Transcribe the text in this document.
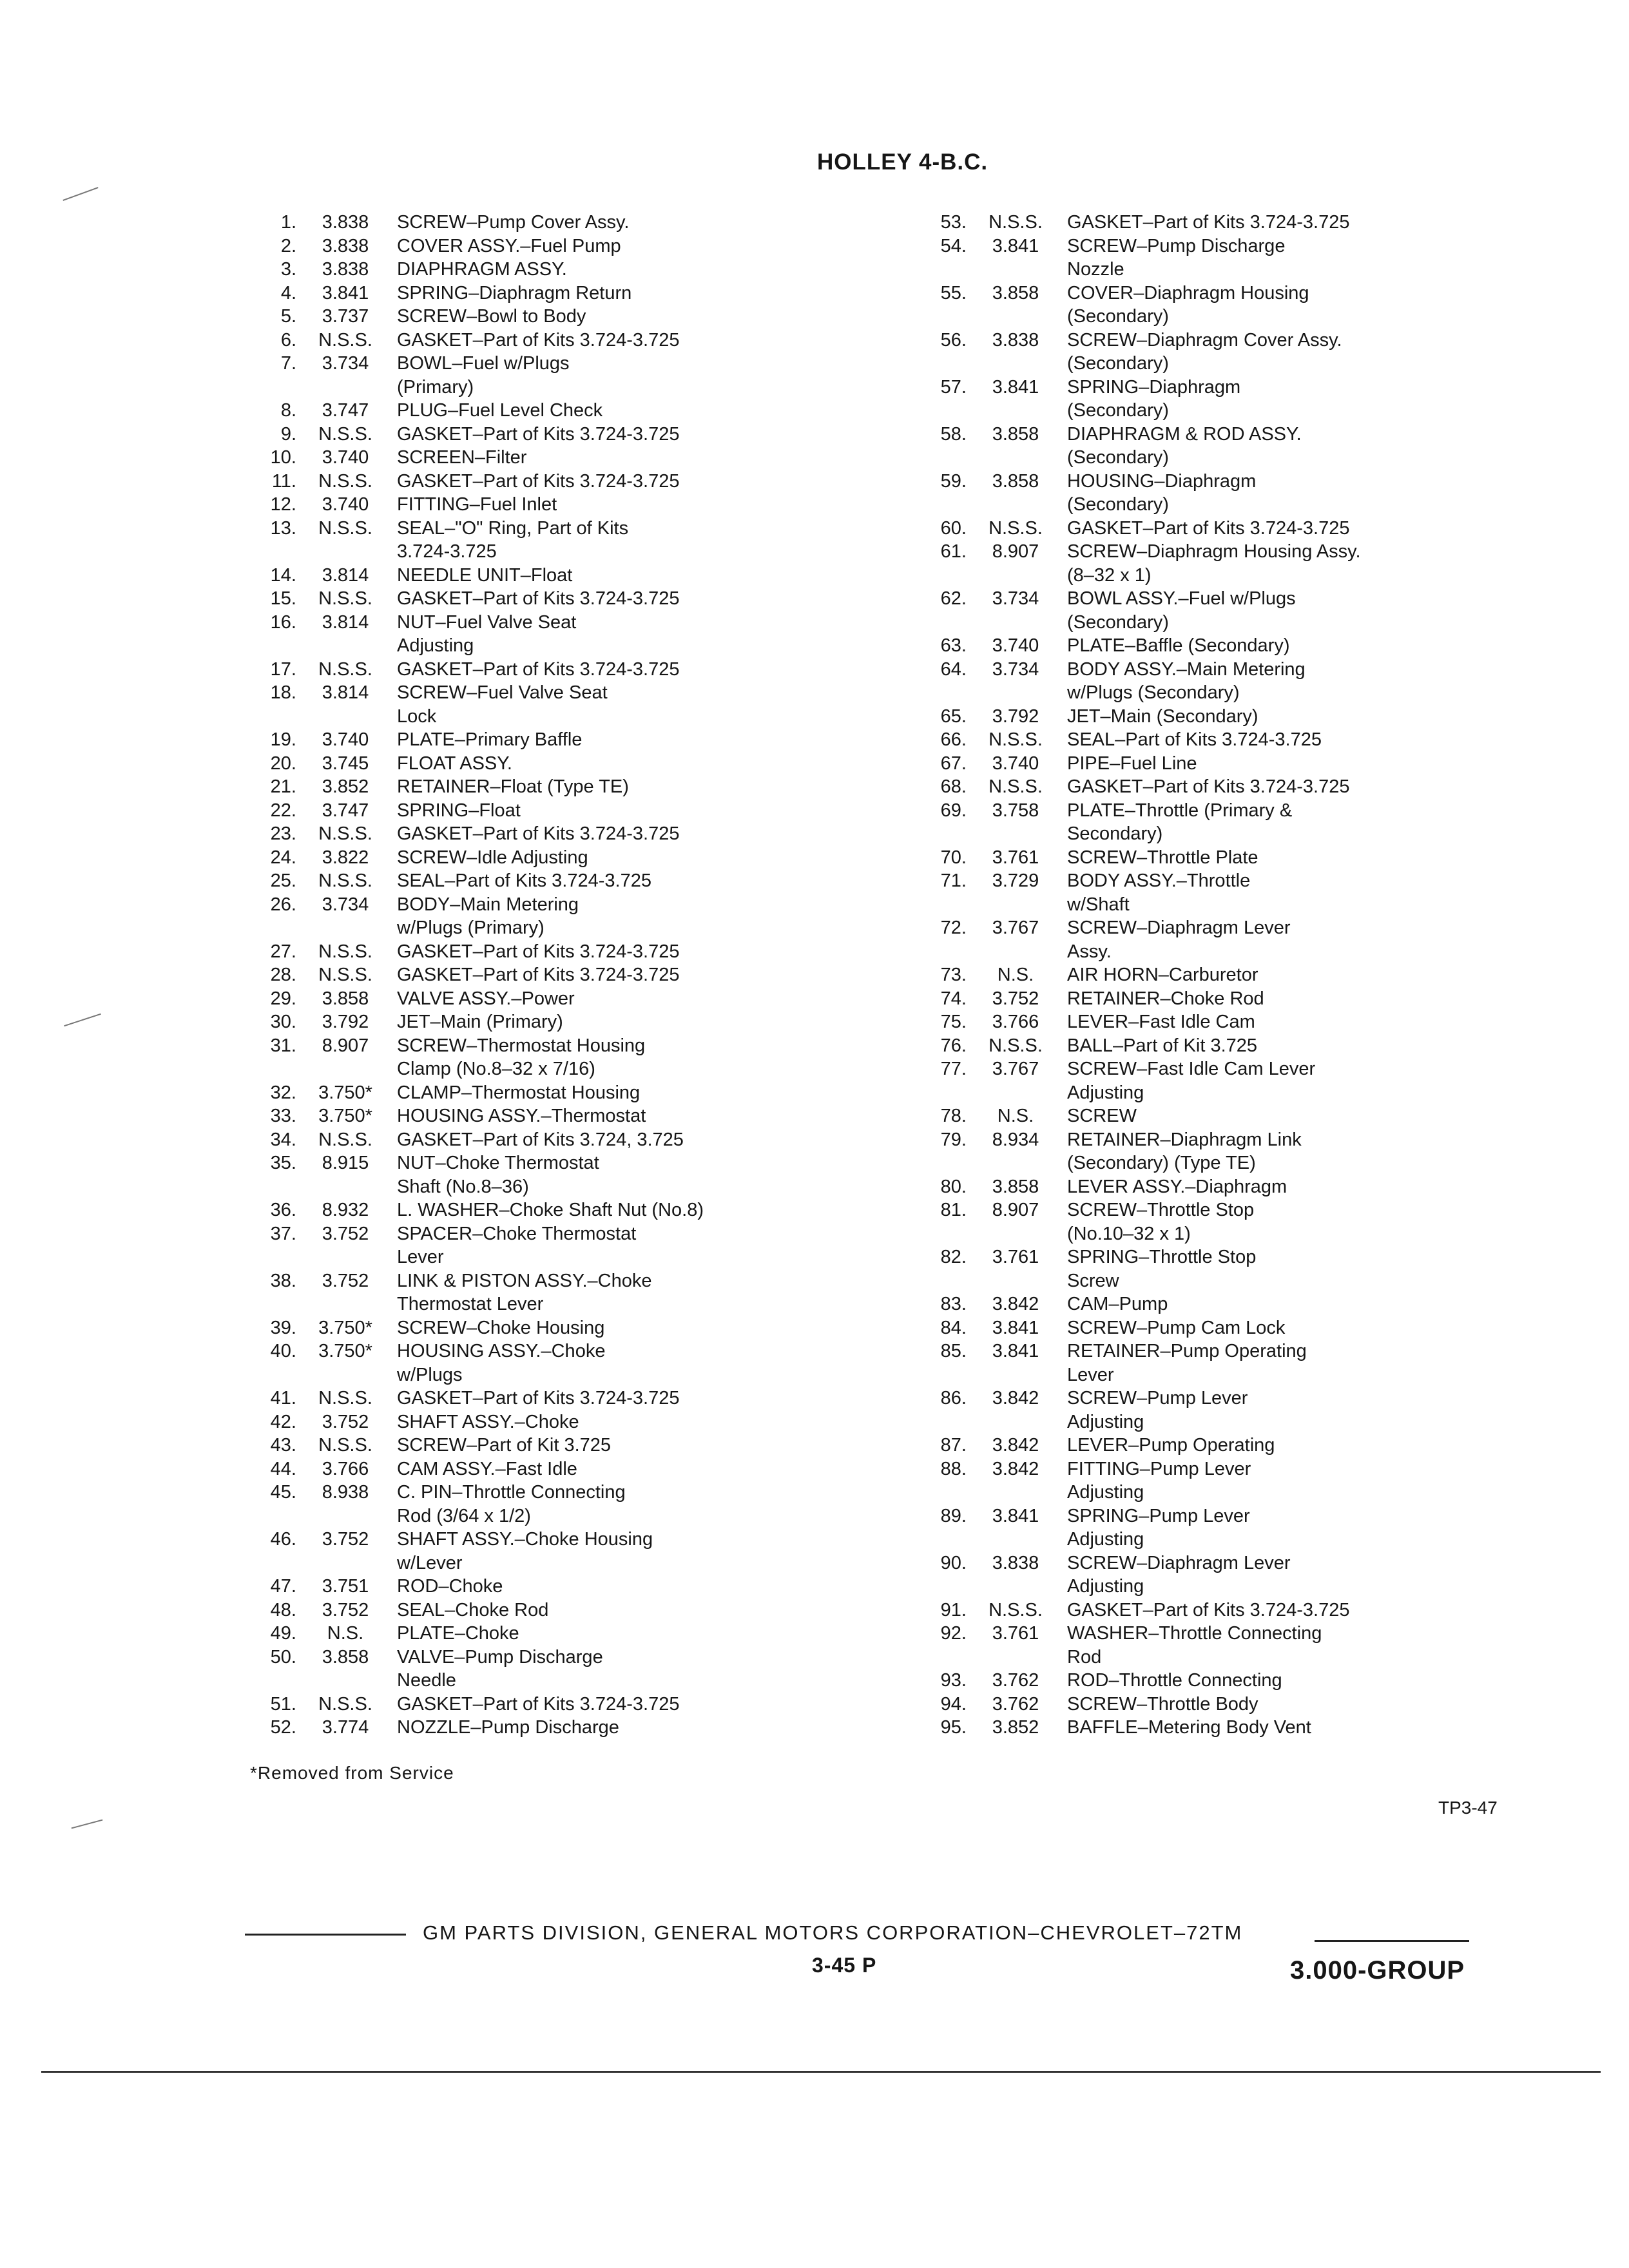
HOLLEY 4-B.C.
1.	3.838	SCREW–Pump Cover Assy.
2.	3.838	COVER ASSY.–Fuel Pump
3.	3.838	DIAPHRAGM ASSY.
4.	3.841	SPRING–Diaphragm Return
5.	3.737	SCREW–Bowl to Body
6.	N.S.S.	GASKET–Part of Kits 3.724-3.725
7.	3.734	BOWL–Fuel w/Plugs
(Primary)
8.	3.747	PLUG–Fuel Level Check
9.	N.S.S.	GASKET–Part of Kits 3.724-3.725
10.	3.740	SCREEN–Filter
11.	N.S.S.	GASKET–Part of Kits 3.724-3.725
12.	3.740	FITTING–Fuel Inlet
13.	N.S.S.	SEAL–"O" Ring, Part of Kits
3.724-3.725
14.	3.814	NEEDLE UNIT–Float
15.	N.S.S.	GASKET–Part of Kits 3.724-3.725
16.	3.814	NUT–Fuel Valve Seat
Adjusting
17.	N.S.S.	GASKET–Part of Kits 3.724-3.725
18.	3.814	SCREW–Fuel Valve Seat
Lock
19.	3.740	PLATE–Primary Baffle
20.	3.745	FLOAT ASSY.
21.	3.852	RETAINER–Float (Type TE)
22.	3.747	SPRING–Float
23.	N.S.S.	GASKET–Part of Kits 3.724-3.725
24.	3.822	SCREW–Idle Adjusting
25.	N.S.S.	SEAL–Part of Kits 3.724-3.725
26.	3.734	BODY–Main Metering
w/Plugs (Primary)
27.	N.S.S.	GASKET–Part of Kits 3.724-3.725
28.	N.S.S.	GASKET–Part of Kits 3.724-3.725
29.	3.858	VALVE ASSY.–Power
30.	3.792	JET–Main (Primary)
31.	8.907	SCREW–Thermostat Housing
Clamp (No.8–32 x 7/16)
32.	3.750*	CLAMP–Thermostat Housing
33.	3.750*	HOUSING ASSY.–Thermostat
34.	N.S.S.	GASKET–Part of Kits 3.724, 3.725
35.	8.915	NUT–Choke Thermostat
Shaft (No.8–36)
36.	8.932	L. WASHER–Choke Shaft Nut (No.8)
37.	3.752	SPACER–Choke Thermostat
Lever
38.	3.752	LINK & PISTON ASSY.–Choke
Thermostat Lever
39.	3.750*	SCREW–Choke Housing
40.	3.750*	HOUSING ASSY.–Choke
w/Plugs
41.	N.S.S.	GASKET–Part of Kits 3.724-3.725
42.	3.752	SHAFT ASSY.–Choke
43.	N.S.S.	SCREW–Part of Kit 3.725
44.	3.766	CAM ASSY.–Fast Idle
45.	8.938	C. PIN–Throttle Connecting
Rod (3/64 x 1/2)
46.	3.752	SHAFT ASSY.–Choke Housing
w/Lever
47.	3.751	ROD–Choke
48.	3.752	SEAL–Choke Rod
49.	N.S.	PLATE–Choke
50.	3.858	VALVE–Pump Discharge
Needle
51.	N.S.S.	GASKET–Part of Kits 3.724-3.725
52.	3.774	NOZZLE–Pump Discharge
53.	N.S.S.	GASKET–Part of Kits 3.724-3.725
54.	3.841	SCREW–Pump Discharge
Nozzle
55.	3.858	COVER–Diaphragm Housing
(Secondary)
56.	3.838	SCREW–Diaphragm Cover Assy.
(Secondary)
57.	3.841	SPRING–Diaphragm
(Secondary)
58.	3.858	DIAPHRAGM & ROD ASSY.
(Secondary)
59.	3.858	HOUSING–Diaphragm
(Secondary)
60.	N.S.S.	GASKET–Part of Kits 3.724-3.725
61.	8.907	SCREW–Diaphragm Housing Assy.
(8–32 x 1)
62.	3.734	BOWL ASSY.–Fuel w/Plugs
(Secondary)
63.	3.740	PLATE–Baffle (Secondary)
64.	3.734	BODY ASSY.–Main Metering
w/Plugs (Secondary)
65.	3.792	JET–Main (Secondary)
66.	N.S.S.	SEAL–Part of Kits 3.724-3.725
67.	3.740	PIPE–Fuel Line
68.	N.S.S.	GASKET–Part of Kits 3.724-3.725
69.	3.758	PLATE–Throttle (Primary &
Secondary)
70.	3.761	SCREW–Throttle Plate
71.	3.729	BODY ASSY.–Throttle
w/Shaft
72.	3.767	SCREW–Diaphragm Lever
Assy.
73.	N.S.	AIR HORN–Carburetor
74.	3.752	RETAINER–Choke Rod
75.	3.766	LEVER–Fast Idle Cam
76.	N.S.S.	BALL–Part of Kit 3.725
77.	3.767	SCREW–Fast Idle Cam Lever
Adjusting
78.	N.S.	SCREW
79.	8.934	RETAINER–Diaphragm Link
(Secondary) (Type TE)
80.	3.858	LEVER ASSY.–Diaphragm
81.	8.907	SCREW–Throttle Stop
(No.10–32 x 1)
82.	3.761	SPRING–Throttle Stop
Screw
83.	3.842	CAM–Pump
84.	3.841	SCREW–Pump Cam Lock
85.	3.841	RETAINER–Pump Operating
Lever
86.	3.842	SCREW–Pump Lever
Adjusting
87.	3.842	LEVER–Pump Operating
88.	3.842	FITTING–Pump Lever
Adjusting
89.	3.841	SPRING–Pump Lever
Adjusting
90.	3.838	SCREW–Diaphragm Lever
Adjusting
91.	N.S.S.	GASKET–Part of Kits 3.724-3.725
92.	3.761	WASHER–Throttle Connecting
Rod
93.	3.762	ROD–Throttle Connecting
94.	3.762	SCREW–Throttle Body
95.	3.852	BAFFLE–Metering Body Vent
*Removed from Service
TP3-47
GM PARTS DIVISION, GENERAL MOTORS CORPORATION–CHEVROLET–72TM
3-45 P	3.000-GROUP
